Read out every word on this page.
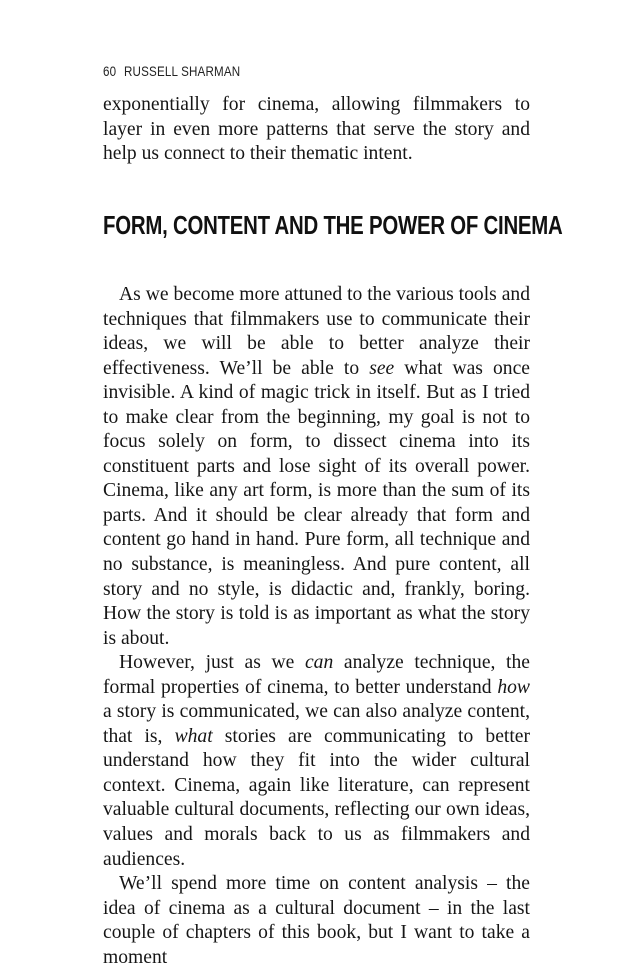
60 RUSSELL SHARMAN

exponentially for cinema, allowing filmmakers to layer in even more patterns that serve the story and help us connect to their thematic intent.

FORM, CONTENT AND THE POWER OF CINEMA

As we become more attuned to the various tools and techniques that filmmakers use to communicate their ideas, we will be able to better analyze their effectiveness. We’ll be able to see what was once invisible. A kind of magic trick in itself. But as I tried to make clear from the beginning, my goal is not to focus solely on form, to dissect cinema into its constituent parts and lose sight of its overall power. Cinema, like any art form, is more than the sum of its parts. And it should be clear already that form and content go hand in hand. Pure form, all technique and no substance, is meaningless. And pure content, all story and no style, is didactic and, frankly, boring. How the story is told is as important as what the story is about.

However, just as we can analyze technique, the formal properties of cinema, to better understand how a story is communicated, we can also analyze content, that is, what stories are communicating to better understand how they fit into the wider cultural context. Cinema, again like literature, can represent valuable cultural documents, reflecting our own ideas, values and morals back to us as filmmakers and audiences.

We’ll spend more time on content analysis – the idea of cinema as a cultural document – in the last couple of chapters of this book, but I want to take a moment
